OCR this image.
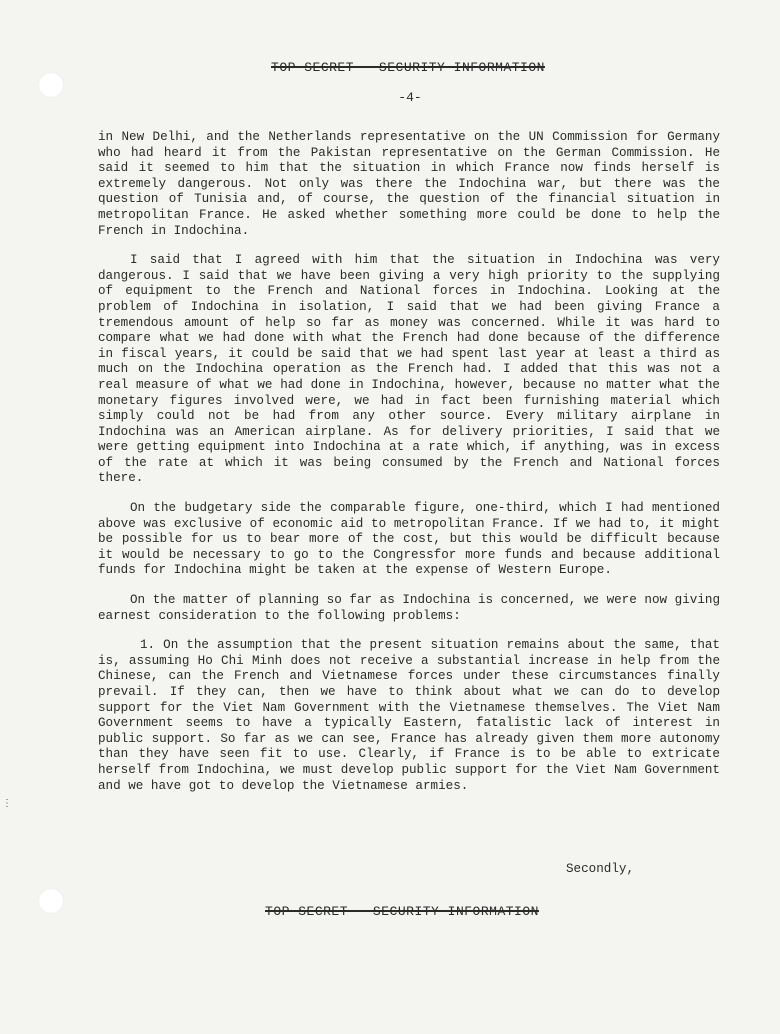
⋮
TOP SECRET - SECURITY INFORMATION
-4-

in New Delhi, and the Netherlands representative on the UN Commission for Germany who had heard it from the Pakistan representative on the German Commission. He said it seemed to him that the situation in which France now finds herself is extremely dangerous. Not only was there the Indochina war, but there was the question of Tunisia and, of course, the question of the financial situation in metropolitan France. He asked whether something more could be done to help the French in Indochina.

I said that I agreed with him that the situation in Indochina was very dangerous. I said that we have been giving a very high priority to the supplying of equipment to the French and National forces in Indochina. Looking at the problem of Indochina in isolation, I said that we had been giving France a tremendous amount of help so far as money was concerned. While it was hard to compare what we had done with what the French had done because of the difference in fiscal years, it could be said that we had spent last year at least a third as much on the Indochina operation as the French had. I added that this was not a real measure of what we had done in Indochina, however, because no matter what the monetary figures involved were, we had in fact been furnishing material which simply could not be had from any other source. Every military airplane in Indochina was an American airplane. As for delivery priorities, I said that we were getting equipment into Indochina at a rate which, if anything, was in excess of the rate at which it was being consumed by the French and National forces there.

On the budgetary side the comparable figure, one-third, which I had mentioned above was exclusive of economic aid to metropolitan France. If we had to, it might be possible for us to bear more of the cost, but this would be difficult because it would be necessary to go to the Congressfor more funds and because additional funds for Indochina might be taken at the expense of Western Europe.

On the matter of planning so far as Indochina is concerned, we were now giving earnest consideration to the following problems:

1. On the assumption that the present situation remains about the same, that is, assuming Ho Chi Minh does not receive a substantial increase in help from the Chinese, can the French and Vietnamese forces under these circumstances finally prevail. If they can, then we have to think about what we can do to develop support for the Viet Nam Government with the Vietnamese themselves. The Viet Nam Government seems to have a typically Eastern, fatalistic lack of interest in public support. So far as we can see, France has already given them more autonomy than they have seen fit to use. Clearly, if France is to be able to extricate herself from Indochina, we must develop public support for the Viet Nam Government and we have got to develop the Vietnamese armies.

Secondly,
TOP SECRET - SECURITY INFORMATION
